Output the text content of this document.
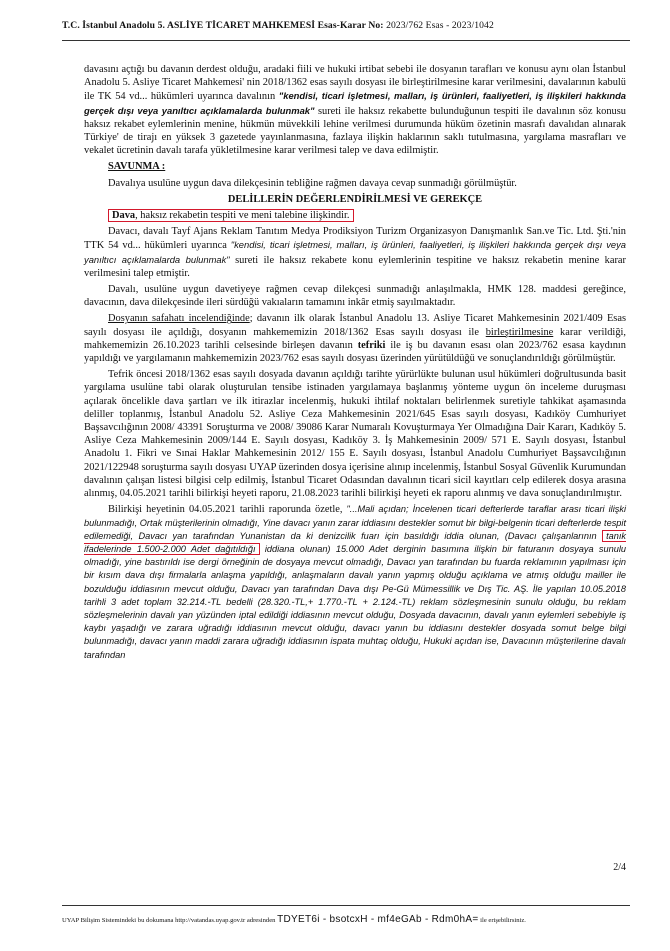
T.C. İstanbul Anadolu 5. ASLİYE TİCARET MAHKEMESİ Esas-Karar No: 2023/762 Esas - 2023/1042

davasını açtığı bu davanın derdest olduğu, aradaki fiili ve hukuki irtibat sebebi ile dosyanın tarafları ve konusu aynı olan İstanbul Anadolu 5. Asliye Ticaret Mahkemesi' nin 2018/1362 esas sayılı dosyası ile birleştirilmesine karar verilmesini, davalarının kabulü ile TK 54 vd... hükümleri uyarınca davalının "kendisi, ticari işletmesi, malları, iş ürünleri, faaliyetleri, iş ilişkileri hakkında gerçek dışı veya yanıltıcı açıklamalarda bulunmak" sureti ile haksız rekabette bulunduğunun tespiti ile davalının söz konusu haksız rekabet eylemlerinin menine, hükmün müvekkili lehine verilmesi durumunda hüküm özetinin masrafı davalıdan alınarak Türkiye' de tirajı en yüksek 3 gazetede yayınlanmasına, fazlaya ilişkin haklarının saklı tutulmasına, yargılama masrafları ve vekalet ücretinin davalı tarafa yükletilmesine karar verilmesi talep ve dava edilmiştir.

SAVUNMA :

Davalıya usulüne uygun dava dilekçesinin tebliğine rağmen davaya cevap sunmadığı görülmüştür.

DELİLLERİN DEĞERLENDİRİLMESİ VE GEREKÇE

Dava, haksız rekabetin tespiti ve meni talebine ilişkindir.

Davacı, davalı Tayf Ajans Reklam Tanıtım Medya Prodiksiyon Turizm Organizasyon Danışmanlık San.ve Tic. Ltd. Şti.'nin TTK 54 vd... hükümleri uyarınca "kendisi, ticari işletmesi, malları, iş ürünleri, faaliyetleri, iş ilişkileri hakkında gerçek dışı veya yanıltıcı açıklamalarda bulunmak" sureti ile haksız rekabete konu eylemlerinin tespitine ve haksız rekabetin menine karar verilmesini talep etmiştir.

Davalı, usulüne uygun davetiyeye rağmen cevap dilekçesi sunmadığı anlaşılmakla, HMK 128. maddesi gereğince, davacının, dava dilekçesinde ileri sürdüğü vakıaların tamamını inkâr etmiş sayılmaktadır.

Dosyanın safahatı incelendiğinde; davanın ilk olarak İstanbul Anadolu 13. Asliye Ticaret Mahkemesinin 2021/409 Esas sayılı dosyası ile açıldığı, dosyanın mahkememizin 2018/1362 Esas sayılı dosyası ile birleştirilmesine karar verildiği, mahkememizin 26.10.2023 tarihli celsesinde birleşen davanın tefriki ile iş bu davanın esası olan 2023/762 esasa kaydının yapıldığı ve yargılamanın mahkememizin 2023/762 esas sayılı dosyası üzerinden yürütüldüğü ve sonuçlandırıldığı görülmüştür.

Tefrik öncesi 2018/1362 esas sayılı dosyada davanın açıldığı tarihte yürürlükte bulunan usul hükümleri doğrultusunda basit yargılama usulüne tabi olarak oluşturulan tensibe istinaden yargılamaya başlanmış yönteme uygun ön inceleme duruşması açılarak öncelikle dava şartları ve ilk itirazlar incelenmiş, hukuki ihtilaf noktaları belirlenmek suretiyle tahkikat aşamasında deliller toplanmış, İstanbul Anadolu 52. Asliye Ceza Mahkemesinin 2021/645 Esas sayılı dosyası, Kadıköy Cumhuriyet Başsavcılığının 2008/ 43391 Soruşturma ve 2008/ 39086 Karar Numaralı Kovuşturmaya Yer Olmadığına Dair Kararı, Kadıköy 5. Asliye Ceza Mahkemesinin 2009/144 E. Sayılı dosyası, Kadıköy 3. İş Mahkemesinin 2009/ 571 E. Sayılı dosyası, İstanbul Anadolu 1. Fikri ve Sınai Haklar Mahkemesinin 2012/ 155 E. Sayılı dosyası, İstanbul Anadolu Cumhuriyet Başsavcılığının 2021/122948 soruşturma sayılı dosyası UYAP üzerinden dosya içerisine alınıp incelenmiş, İstanbul Sosyal Güvenlik Kurumundan davalının çalışan listesi bilgisi celp edilmiş, İstanbul Ticaret Odasından davalının ticari sicil kayıtları celp edilerek dosya arasına alınmış, 04.05.2021 tarihli bilirkişi heyeti raporu, 21.08.2023 tarihli bilirkişi heyeti ek raporu alınmış ve dava sonuçlandırılmıştır.

Bilirkişi heyetinin 04.05.2021 tarihli raporunda özetle, "...Mali açıdan; İncelenen ticari defterlerde taraflar arası ticari ilişki bulunmadığı, Ortak müşterilerinin olmadığı, Yine davacı yanın zarar iddiasını destekler somut bir bilgi-belgenin ticari defterlerde tespit edilemediği, Davacı yan tarafından Yunanistan da ki denizcilik fuarı için basıldığı iddia olunan, (Davacı çalışanlarının tanık ifadelerinde 1.500-2.000 Adet dağıtıldığı iddiana olunan) 15.000 Adet derginin basımına ilişkin bir faturanın dosyaya sunulu olmadığı, yine bastırıldı ise dergi örneğinin de dosyaya mevcut olmadığı, Davacı yan tarafından bu fuarda reklamının yapılması için bir kısım dava dışı firmalarla anlaşma yapıldığı, anlaşmaların davalı yanın yapmış olduğu açıklama ve atmış olduğu mailler ile bozulduğu iddiasının mevcut olduğu, Davacı yan tarafından Dava dışı Pe-Gü Mümessillik ve Dış Tic. AŞ. İle yapılan 10.05.2018 tarihli 3 adet toplam 32.214.-TL bedelli (28.320.-TL,+ 1.770.-TL + 2.124.-TL) reklam sözleşmesinin sunulu olduğu, bu reklam sözleşmelerinin davalı yan yüzünden iptal edildiği iddiasının mevcut olduğu, Dosyada davacının, davalı yanın eylemleri sebebiyle iş kaybı yaşadığı ve zarara uğradığı iddiasının mevcut olduğu, davacı yanın bu iddiasını destekler dosyada somut belge bilgi bulunmadığı, davacı yanın maddi zarara uğradığı iddiasının ispata muhtaç olduğu, Hukuki açıdan ise, Davacının müşterilerine davalı tarafından

2/4
UYAP Bilişim Sistemindeki bu dokumana http://vatandas.uyap.gov.tr adresinden TDYET6i - bsotcxH - mf4eGAb - Rdm0hA= ile erişebilirsiniz.
